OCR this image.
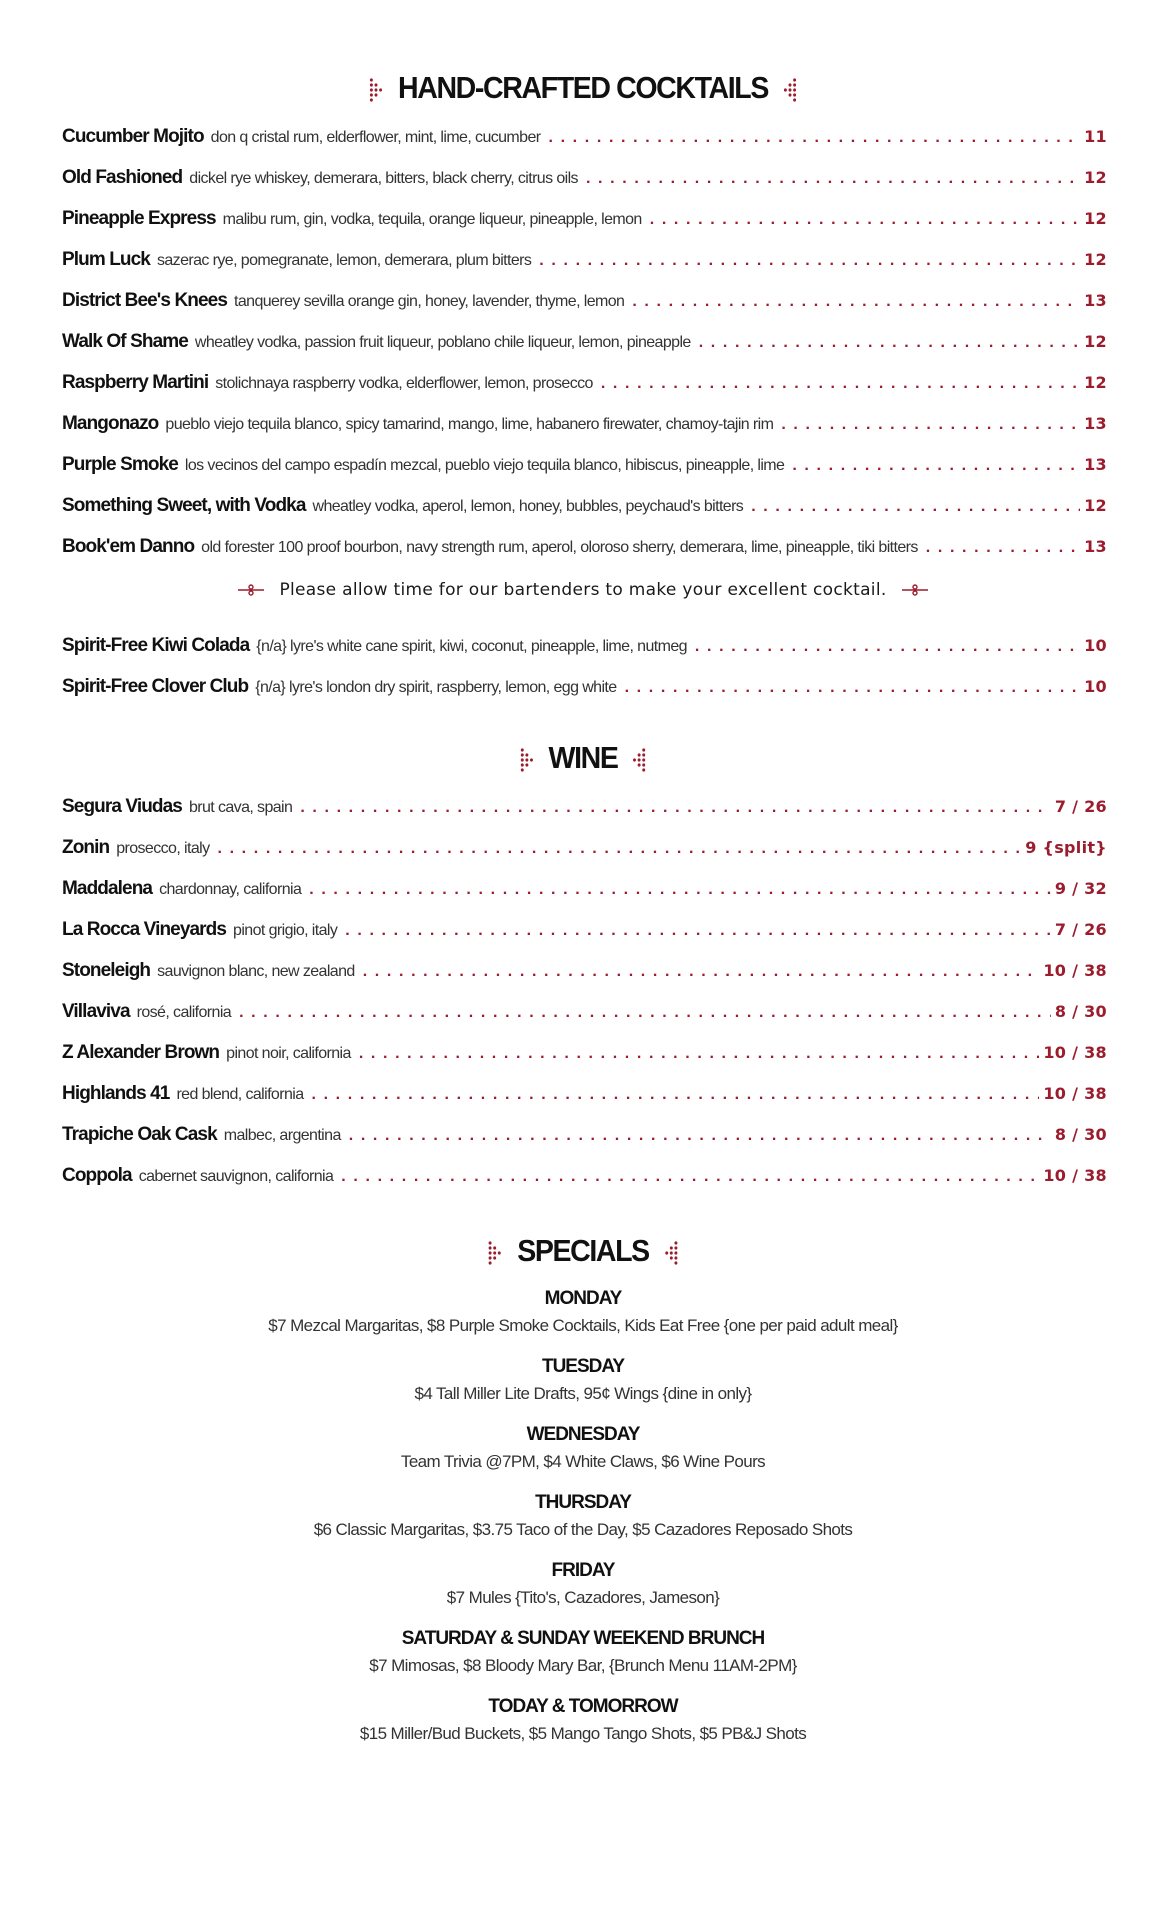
HAND-CRAFTED COCKTAILS
Cucumber Mojito don q cristal rum, elderflower, mint, lime, cucumber . . .	11
Old Fashioned dickel rye whiskey, demerara, bitters, black cherry, citrus oils . . .	12
Pineapple Express malibu rum, gin, vodka, tequila, orange liqueur, pineapple, lemon . . .	12
Plum Luck sazerac rye, pomegranate, lemon, demerara, plum bitters . . .	12
District Bee's Knees tanquerey sevilla orange gin, honey, lavender, thyme, lemon . . .	13
Walk Of Shame wheatley vodka, passion fruit liqueur, poblano chile liqueur, lemon, pineapple . . .	12
Raspberry Martini stolichnaya raspberry vodka, elderflower, lemon, prosecco . . .	12
Mangonazo pueblo viejo tequila blanco, spicy tamarind, mango, lime, habanero firewater, chamoy-tajin rim . . .	13
Purple Smoke los vecinos del campo espadín mezcal, pueblo viejo tequila blanco, hibiscus, pineapple, lime . . .	13
Something Sweet, with Vodka wheatley vodka, aperol, lemon, honey, bubbles, peychaud's bitters . . .	12
Book'em Danno old forester 100 proof bourbon, navy strength rum, aperol, oloroso sherry, demerara, lime, pineapple, tiki bitters . . .	13
Please allow time for our bartenders to make your excellent cocktail.
Spirit-Free Kiwi Colada {n/a} lyre's white cane spirit, kiwi, coconut, pineapple, lime, nutmeg . . .	10
Spirit-Free Clover Club {n/a} lyre's london dry spirit, raspberry, lemon, egg white . . .	10
WINE
Segura Viudas brut cava, spain . . .	7 / 26
Zonin prosecco, italy . . .	9 {split}
Maddalena chardonnay, california . . .	9 / 32
La Rocca Vineyards pinot grigio, italy . . .	7 / 26
Stoneleigh sauvignon blanc, new zealand . . .	10 / 38
Villaviva rosé, california . . .	8 / 30
Z Alexander Brown pinot noir, california . . .	10 / 38
Highlands 41 red blend, california . . .	10 / 38
Trapiche Oak Cask malbec, argentina . . .	8 / 30
Coppola cabernet sauvignon, california . . .	10 / 38
SPECIALS
MONDAY
$7 Mezcal Margaritas, $8 Purple Smoke Cocktails, Kids Eat Free {one per paid adult meal}
TUESDAY
$4 Tall Miller Lite Drafts, 95¢ Wings {dine in only}
WEDNESDAY
Team Trivia @7PM, $4 White Claws, $6 Wine Pours
THURSDAY
$6 Classic Margaritas, $3.75 Taco of the Day, $5 Cazadores Reposado Shots
FRIDAY
$7 Mules {Tito's, Cazadores, Jameson}
SATURDAY & SUNDAY WEEKEND BRUNCH
$7 Mimosas, $8 Bloody Mary Bar, {Brunch Menu 11AM-2PM}
TODAY & TOMORROW
$15 Miller/Bud Buckets, $5 Mango Tango Shots, $5 PB&J Shots
